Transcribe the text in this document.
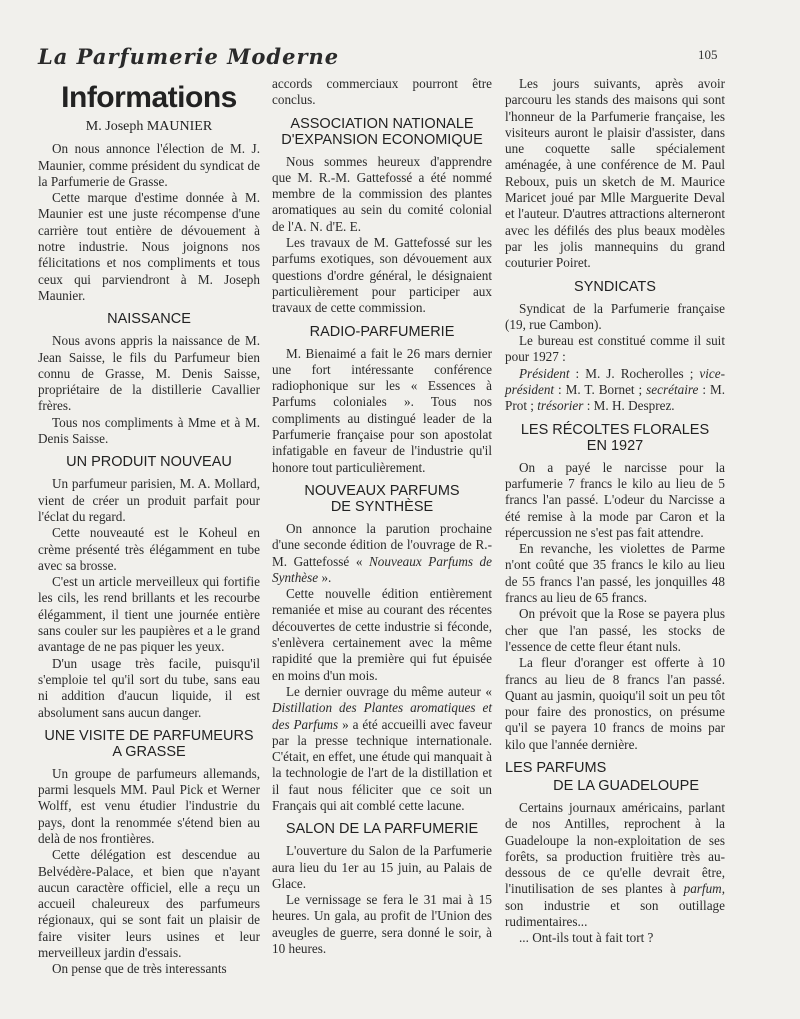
La Parfumerie Moderne	105
Informations
M. Joseph MAUNIER

On nous annonce l'élection de M. J. Maunier, comme président du syndicat de la Parfumerie de Grasse.

Cette marque d'estime donnée à M. Maunier est une juste récompense d'une carrière tout entière de dévouement à notre industrie. Nous joignons nos félicitations et nos compliments et tous ceux qui parviendront à M. Joseph Maunier.

NAISSANCE

Nous avons appris la naissance de M. Jean Saisse, le fils du Parfumeur bien connu de Grasse, M. Denis Saisse, propriétaire de la distillerie Cavallier frères.

Tous nos compliments à Mme et à M. Denis Saisse.

UN PRODUIT NOUVEAU

Un parfumeur parisien, M. A. Mollard, vient de créer un produit parfait pour l'éclat du regard.

Cette nouveauté est le Koheul en crème présenté très élégamment en tube avec sa brosse.

C'est un article merveilleux qui fortifie les cils, les rend brillants et les recourbe élégamment, il tient une journée entière sans couler sur les paupières et a le grand avantage de ne pas piquer les yeux.

D'un usage très facile, puisqu'il s'emploie tel qu'il sort du tube, sans eau ni addition d'aucun liquide, il est absolument sans aucun danger.

UNE VISITE DE PARFUMEURS
A GRASSE

Un groupe de parfumeurs allemands, parmi lesquels MM. Paul Pick et Werner Wolff, est venu étudier l'industrie du pays, dont la renommée s'étend bien au delà de nos frontières.

Cette délégation est descendue au Belvédère-Palace, et bien que n'ayant aucun caractère officiel, elle a reçu un accueil chaleureux des parfumeurs régionaux, qui se sont fait un plaisir de faire visiter leurs usines et leur merveilleux jardin d'essais.

On pense que de très interessants

accords commerciaux pourront être conclus.

ASSOCIATION NATIONALE
D'EXPANSION ECONOMIQUE

Nous sommes heureux d'apprendre que M. R.-M. Gattefossé a été nommé membre de la commission des plantes aromatiques au sein du comité colonial de l'A. N. d'E. E.

Les travaux de M. Gattefossé sur les parfums exotiques, son dévouement aux questions d'ordre général, le désignaient particulièrement pour participer aux travaux de cette commission.

RADIO-PARFUMERIE

M. Bienaimé a fait le 26 mars dernier une fort intéressante conférence radiophonique sur les « Essences à Parfums coloniales ». Tous nos compliments au distingué leader de la Parfumerie française pour son apostolat infatigable en faveur de l'industrie qu'il honore tout particulièrement.

NOUVEAUX PARFUMS
DE SYNTHÈSE

On annonce la parution prochaine d'une seconde édition de l'ouvrage de R.-M. Gattefossé « Nouveaux Parfums de Synthèse ».

Cette nouvelle édition entièrement remaniée et mise au courant des récentes découvertes de cette industrie si féconde, s'enlèvera certainement avec la même rapidité que la première qui fut épuisée en moins d'un mois.

Le dernier ouvrage du même auteur « Distillation des Plantes aromatiques et des Parfums » a été accueilli avec faveur par la presse technique internationale. C'était, en effet, une étude qui manquait à la technologie de l'art de la distillation et il faut nous féliciter que ce soit un Français qui ait comblé cette lacune.

SALON DE LA PARFUMERIE

L'ouverture du Salon de la Parfumerie aura lieu du 1er au 15 juin, au Palais de Glace.

Le vernissage se fera le 31 mai à 15 heures. Un gala, au profit de l'Union des aveugles de guerre, sera donné le soir, à 10 heures.

Les jours suivants, après avoir parcouru les stands des maisons qui sont l'honneur de la Parfumerie française, les visiteurs auront le plaisir d'assister, dans une coquette salle spécialement aménagée, à une conférence de M. Paul Reboux, puis un sketch de M. Maurice Maricet joué par Mlle Marguerite Deval et l'auteur. D'autres attractions alterneront avec les défilés des plus beaux modèles par les jolis mannequins du grand couturier Poiret.

SYNDICATS

Syndicat de la Parfumerie française (19, rue Cambon).

Le bureau est constitué comme il suit pour 1927 :

Président : M. J. Rocherolles ; vice-président : M. T. Bornet ; secrétaire : M. Prot ; trésorier : M. H. Desprez.

LES RÉCOLTES FLORALES
EN 1927

On a payé le narcisse pour la parfumerie 7 francs le kilo au lieu de 5 francs l'an passé. L'odeur du Narcisse a été remise à la mode par Caron et la répercussion ne s'est pas fait attendre.

En revanche, les violettes de Parme n'ont coûté que 35 francs le kilo au lieu de 55 francs l'an passé, les jonquilles 48 francs au lieu de 65 francs.

On prévoit que la Rose se payera plus cher que l'an passé, les stocks de l'essence de cette fleur étant nuls.

La fleur d'oranger est offerte à 10 francs au lieu de 8 francs l'an passé. Quant au jasmin, quoiqu'il soit un peu tôt pour faire des pronostics, on présume qu'il se payera 10 francs de moins par kilo que l'année dernière.

LES PARFUMS
DE LA GUADELOUPE

Certains journaux américains, parlant de nos Antilles, reprochent à la Guadeloupe la non-exploitation de ses forêts, sa production fruitière très au-dessous de ce qu'elle devrait être, l'inutilisation de ses plantes à parfum, son industrie et son outillage rudimentaires...

... Ont-ils tout à fait tort ?
